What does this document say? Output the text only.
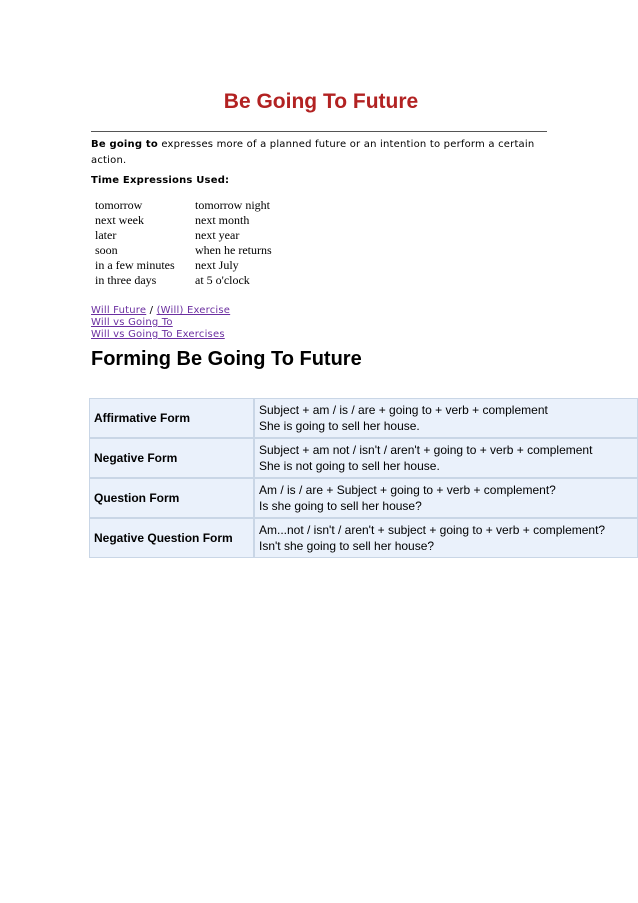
Be Going To Future
Be going to expresses more of a planned future or an intention to perform a certain action.
Time Expressions Used:
tomorrow	tomorrow night
next week	next month
later	next year
soon	when he returns
in a few minutes	next July
in three days	at 5 o'clock
Will Future / (Will) Exercise
Will vs Going To
Will vs Going To Exercises
Forming Be Going To Future
Affirmative Form	Subject + am / is / are + going to + verb + complement
She is going to sell her house.

Negative Form	Subject + am not / isn't / aren't + going to + verb + complement
She is not going to sell her house.

Question Form	Am / is / are + Subject + going to + verb + complement?
Is she going to sell her house?

Negative Question Form	Am...not / isn't / aren't + subject + going to + verb + complement?
Isn't she going to sell her house?
